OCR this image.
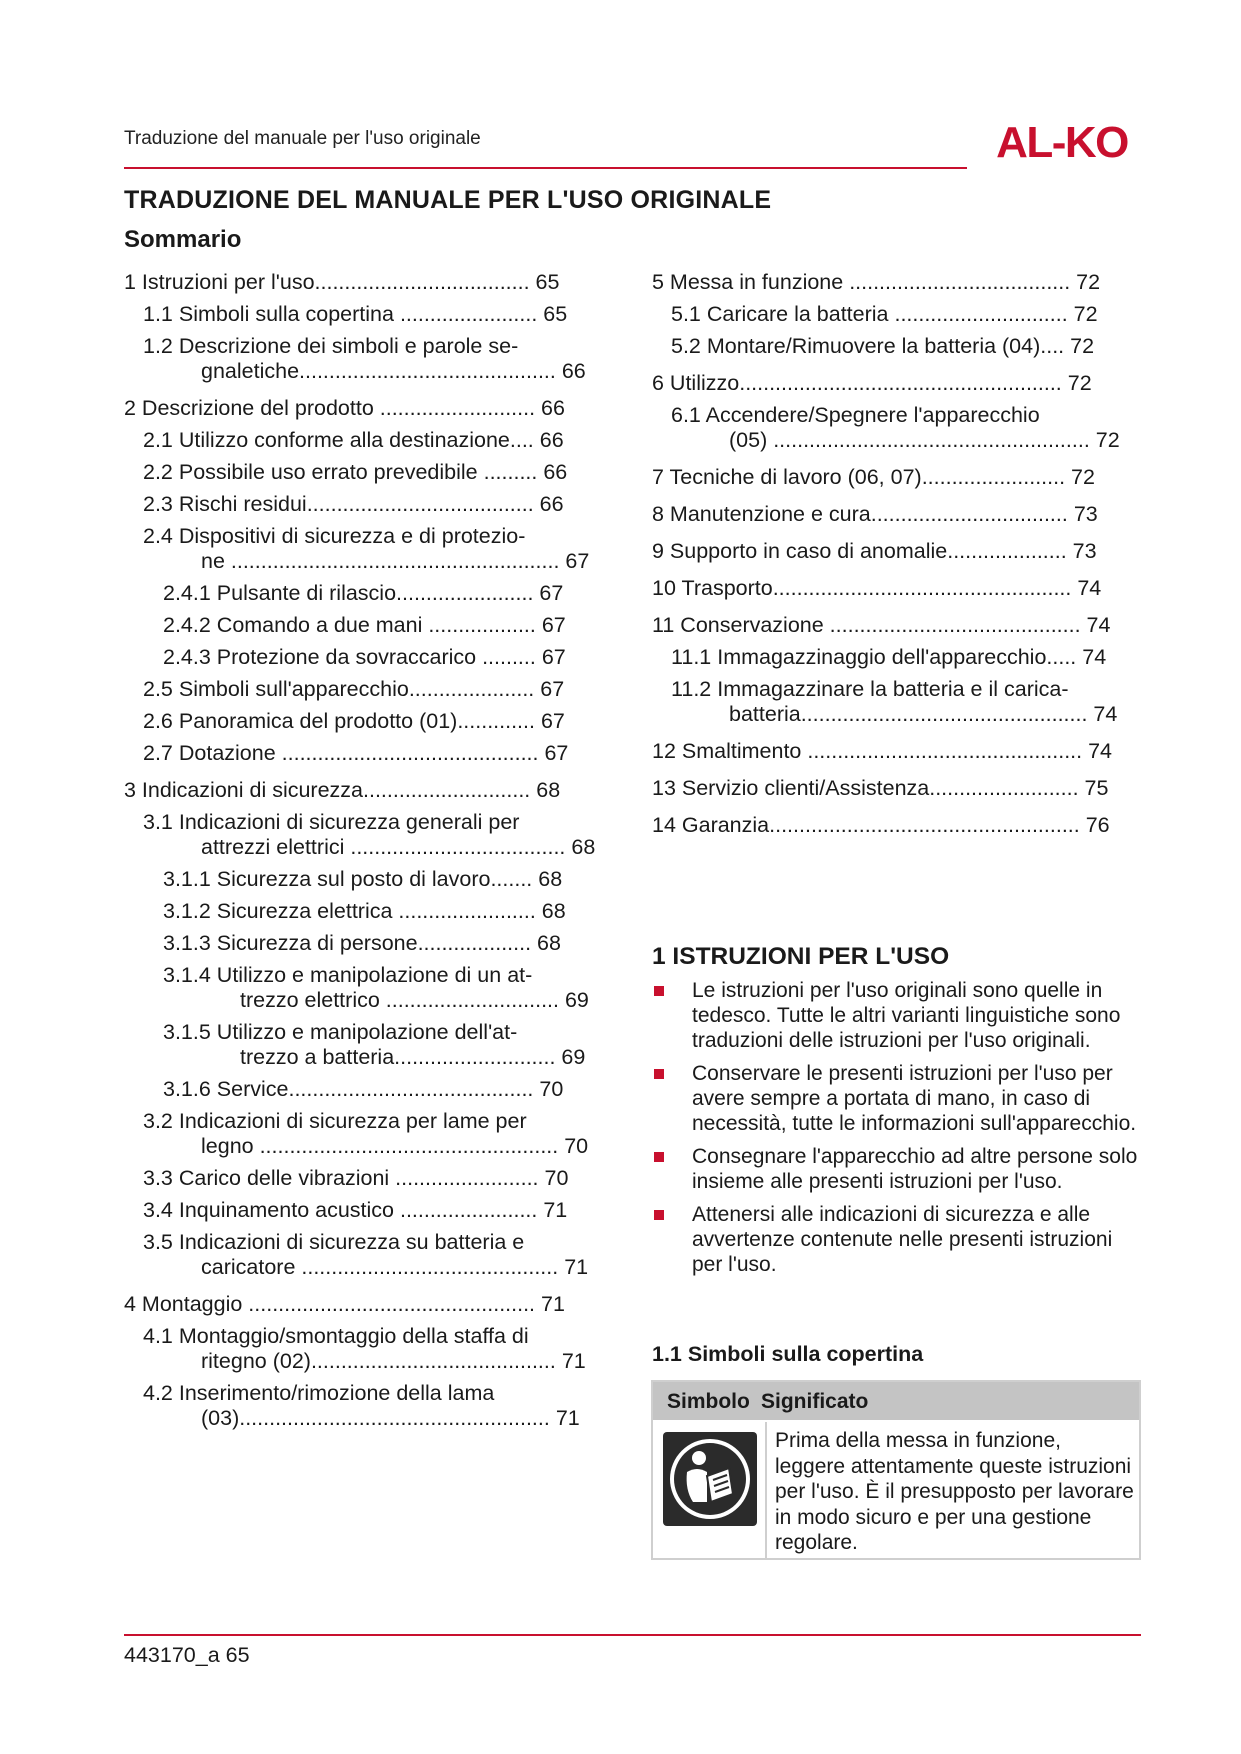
Traduzione del manuale per l'uso originale	AL-KO
TRADUZIONE DEL MANUALE PER L'USO ORIGINALE
Sommario
1 Istruzioni per l'uso.................................... 65
1.1 Simboli sulla copertina ....................... 65
1.2 Descrizione dei simboli e parole se-
gnaletiche........................................... 66
2 Descrizione del prodotto .......................... 66
2.1 Utilizzo conforme alla destinazione.... 66
2.2 Possibile uso errato prevedibile ......... 66
2.3 Rischi residui...................................... 66
2.4 Dispositivi di sicurezza e di protezio-
ne ....................................................... 67
2.4.1 Pulsante di rilascio....................... 67
2.4.2 Comando a due mani .................. 67
2.4.3 Protezione da sovraccarico ......... 67
2.5 Simboli sull'apparecchio..................... 67
2.6 Panoramica del prodotto (01)............. 67
2.7 Dotazione ........................................... 67
3 Indicazioni di sicurezza............................ 68
3.1 Indicazioni di sicurezza generali per
attrezzi elettrici .................................... 68
3.1.1 Sicurezza sul posto di lavoro....... 68
3.1.2 Sicurezza elettrica ....................... 68
3.1.3 Sicurezza di persone................... 68
3.1.4 Utilizzo e manipolazione di un at-
trezzo elettrico ............................. 69
3.1.5 Utilizzo e manipolazione dell'at-
trezzo a batteria........................... 69
3.1.6 Service......................................... 70
3.2 Indicazioni di sicurezza per lame per
legno .................................................. 70
3.3 Carico delle vibrazioni ........................ 70
3.4 Inquinamento acustico ....................... 71
3.5 Indicazioni di sicurezza su batteria e
caricatore ........................................... 71
4 Montaggio ................................................ 71
4.1 Montaggio/smontaggio della staffa di
ritegno (02)......................................... 71
4.2 Inserimento/rimozione della lama
(03).................................................... 71
5 Messa in funzione ..................................... 72
5.1 Caricare la batteria ............................. 72
5.2 Montare/Rimuovere la batteria (04).... 72
6 Utilizzo...................................................... 72
6.1 Accendere/Spegnere l'apparecchio
(05) ..................................................... 72
7 Tecniche di lavoro (06, 07)........................ 72
8 Manutenzione e cura................................. 73
9 Supporto in caso di anomalie.................... 73
10 Trasporto.................................................. 74
11 Conservazione .......................................... 74
11.1 Immagazzinaggio dell'apparecchio..... 74
11.2 Immagazzinare la batteria e il carica-
batteria................................................ 74
12 Smaltimento .............................................. 74
13 Servizio clienti/Assistenza......................... 75
14 Garanzia.................................................... 76
1 ISTRUZIONI PER L'USO
Le istruzioni per l'uso originali sono quelle in tedesco. Tutte le altri varianti linguistiche sono traduzioni delle istruzioni per l'uso originali.
Conservare le presenti istruzioni per l'uso per avere sempre a portata di mano, in caso di necessità, tutte le informazioni sull'apparecchio.
Consegnare l'apparecchio ad altre persone solo insieme alle presenti istruzioni per l'uso.
Attenersi alle indicazioni di sicurezza e alle avvertenze contenute nelle presenti istruzioni per l'uso.
1.1 Simboli sulla copertina
Simbolo Significato
Prima della messa in funzione, leggere attentamente queste istruzioni per l'uso. È il presupposto per lavorare in modo sicuro e per una gestione regolare.
443170_a 65
